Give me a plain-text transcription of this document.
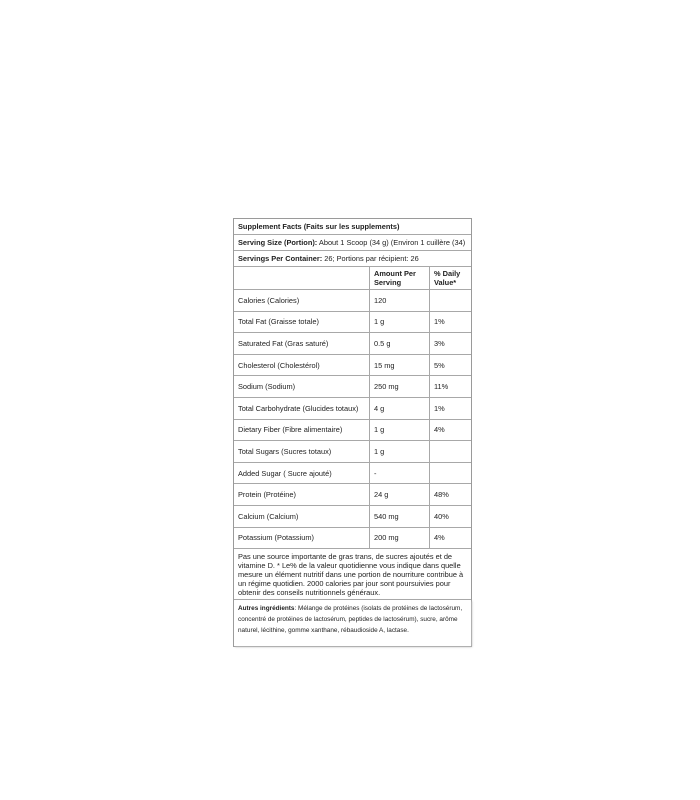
Supplement Facts (Faits sur les supplements)
Serving Size (Portion): About 1 Scoop (34 g) (Environ 1 cuillère (34)
Servings Per Container: 26; Portions par récipient: 26
	Amount Per Serving	% Daily Value*
Calories (Calories)	120	
Total Fat (Graisse totale)	1 g	1%
Saturated Fat (Gras saturé)	0.5 g	3%
Cholesterol (Cholestérol)	15 mg	5%
Sodium (Sodium)	250 mg	11%
Total Carbohydrate (Glucides totaux)	4 g	1%
Dietary Fiber (Fibre alimentaire)	1 g	4%
Total Sugars (Sucres totaux)	1 g	
Added Sugar ( Sucre ajouté)	-	
Protein (Protéine)	24 g	48%
Calcium (Calcium)	540 mg	40%
Potassium (Potassium)	200 mg	4%
Pas une source importante de gras trans, de sucres ajoutés et de vitamine D. * Le% de la valeur quotidienne vous indique dans quelle mesure un élément nutritif dans une portion de nourriture contribue à un régime quotidien. 2000 calories par jour sont poursuivies pour obtenir des conseils nutritionnels généraux.
Autres ingrédients: Mélange de protéines (isolats de protéines de lactosérum, concentré de protéines de lactosérum, peptides de lactosérum), sucre, arôme naturel, lécithine, gomme xanthane, rébaudioside A, lactase.
